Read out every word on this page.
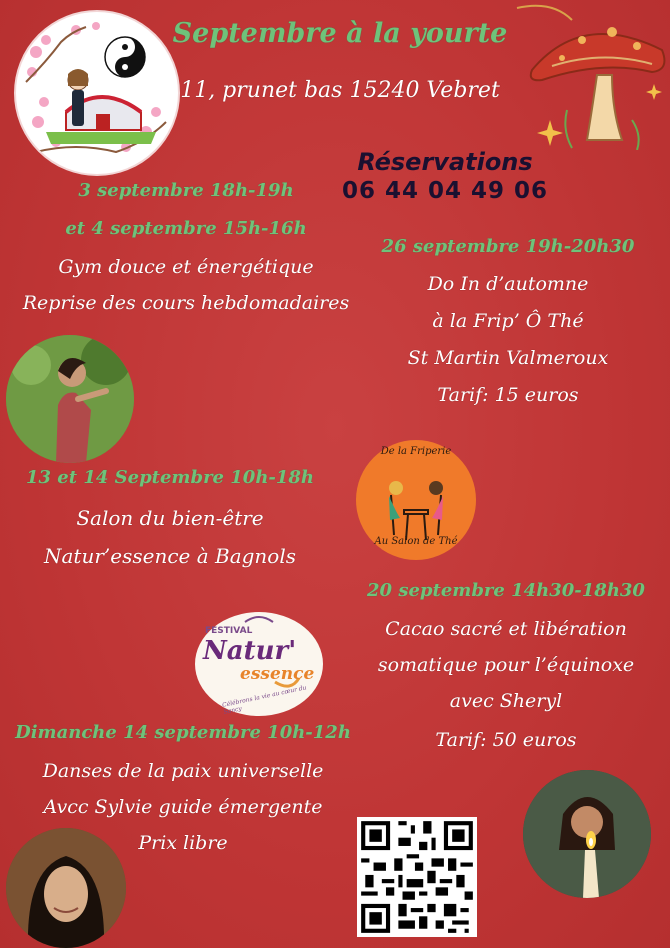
Septembre à la yourte
11, prunet bas 15240 Vebret
Réservations
06 44 04 49 06
3 septembre 18h-19h
et 4 septembre 15h-16h
Gym douce et énergétique
Reprise des cours hebdomadaires
26 septembre 19h-20h30
Do In d’automne
à la Frip’ Ô Thé
St Martin Valmeroux
Tarif: 15 euros
De la Friperie
Au Salon de Thé
13 et 14 Septembre 10h-18h
Salon du bien-être
Natur’essence à Bagnols
20 septembre 14h30-18h30
Cacao sacré et libération
somatique pour l’équinoxe
avec Sheryl
Tarif: 50 euros
FESTIVAL
Natur'
essence
Célébrons la vie au cœur du Sancy
Dimanche 14 septembre 10h-12h
Danses de la paix universelle
Avcc Sylvie guide émergente
Prix libre
